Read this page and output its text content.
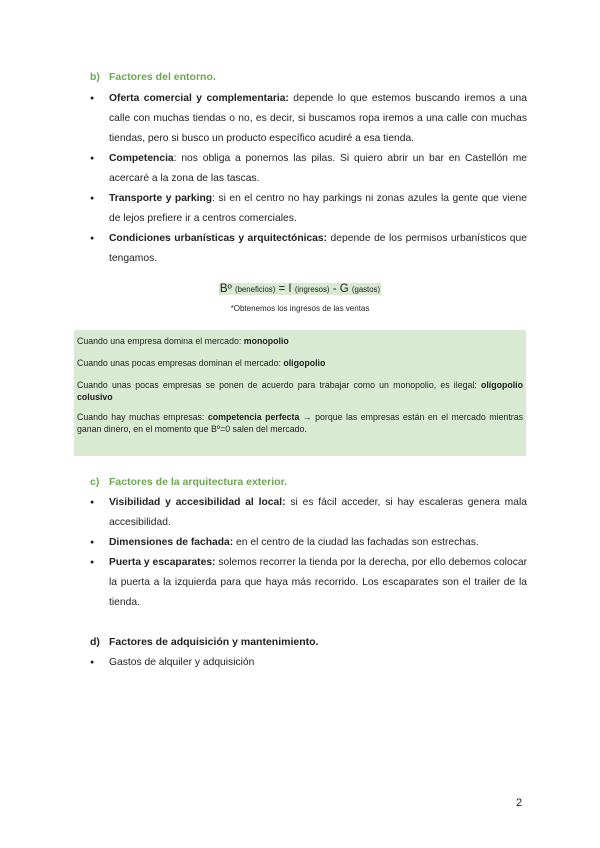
b) Factores del entorno.
● Oferta comercial y complementaria: depende lo que estemos buscando iremos a una calle con muchas tiendas o no, es decir, si buscamos ropa iremos a una calle con muchas tiendas, pero si busco un producto específico acudiré a esa tienda.
● Competencia: nos obliga a ponernos las pilas. Si quiero abrir un bar en Castellón me acercaré a la zona de las tascas.
● Transporte y parking: si en el centro no hay parkings ni zonas azules la gente que viene de lejos prefiere ir a centros comerciales.
● Condiciones urbanísticas y arquitectónicas: depende de los permisos urbanísticos que tengamos.
Bº (beneficios) = I (ingresos) - G (gastos)
*Obtenemos los ingresos de las ventas

Cuando una empresa domina el mercado: monopolio

Cuando unas pocas empresas dominan el mercado: oligopolio

Cuando unas pocas empresas se ponen de acuerdo para trabajar como un monopolio, es ilegal: oligopolio colusivo

Cuando hay muchas empresas: competencia perfecta → porque las empresas están en el mercado mientras ganan dinero, en el momento que Bº=0 salen del mercado.

c) Factores de la arquitectura exterior.
● Visibilidad y accesibilidad al local: si es fácil acceder, si hay escaleras genera mala accesibilidad.
● Dimensiones de fachada: en el centro de la ciudad las fachadas son estrechas.
● Puerta y escaparates: solemos recorrer la tienda por la derecha, por ello debemos colocar la puerta a la izquierda para que haya más recorrido. Los escaparates son el trailer de la tienda.
d) Factores de adquisición y mantenimiento.
● Gastos de alquiler y adquisición
2
